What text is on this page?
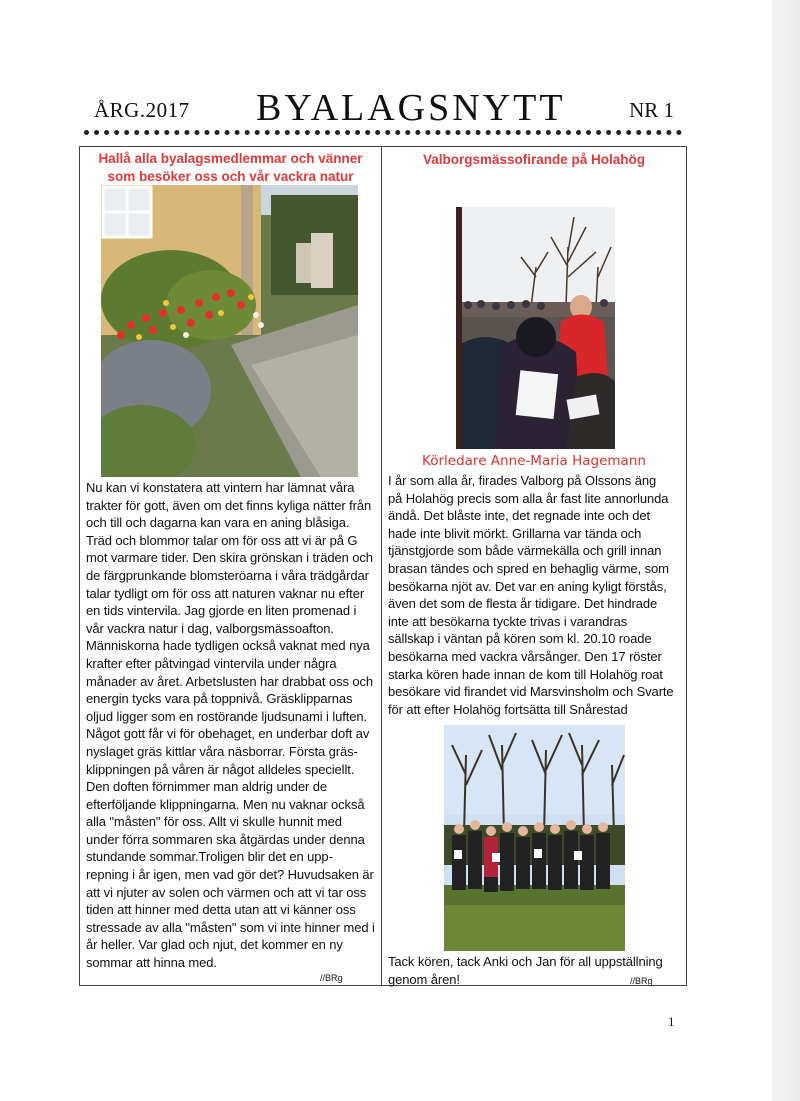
ÅRG.2017 BYALAGSNYTT	NR 1
Hallå alla byalagsmedlemmar och vänner
som besöker oss och vår vackra natur
Nu kan vi konstatera att vintern har lämnat våra
trakter för gott, även om det finns kyliga nätter från
och till och dagarna kan vara en aning blåsiga.
Träd och blommor talar om för oss att vi är på G
mot varmare tider. Den skira grönskan i träden och
de färgprunkande blomsteröarna i våra trädgårdar
talar tydligt om för oss att naturen vaknar nu efter
en tids vintervila. Jag gjorde en liten promenad i
vår vackra natur i dag, valborgsmässoafton.
Människorna hade tydligen också vaknat med nya
krafter efter påtvingad vintervila under några
månader av året. Arbetslusten har drabbat oss och
energin tycks vara på toppnivå. Gräsklipparnas
oljud ligger som en rostörande ljudsunami i luften.
Något gott får vi för obehaget, en underbar doft av
nyslaget gräs kittlar våra näsborrar. Första gräs-
klippningen på våren är något alldeles speciellt.
Den doften förnimmer man aldrig under de
efterföljande klippningarna. Men nu vaknar också
alla "måsten" för oss. Allt vi skulle hunnit med
under förra sommaren ska åtgärdas under denna
stundande sommar.Troligen blir det en upp-
repning i år igen, men vad gör det? Huvudsaken är
att vi njuter av solen och värmen och att vi tar oss
tiden att hinner med detta utan att vi känner oss
stressade av alla "måsten" som vi inte hinner med i
år heller. Var glad och njut, det kommer en ny
sommar att hinna med.
//BRg
Valborgsmässofirande på Holahög
Körledare Anne-Maria Hagemann
I år som alla år, firades Valborg på Olssons äng
på Holahög precis som alla år fast lite annorlunda
ändå. Det blåste inte, det regnade inte och det
hade inte blivit mörkt. Grillarna var tända och
tjänstgjorde som både värmekälla och grill innan
brasan tändes och spred en behaglig värme, som
besökarna njöt av. Det var en aning kyligt förstås,
även det som de flesta år tidigare. Det hindrade
inte att besökarna tyckte trivas i varandras
sällskap i väntan på kören som kl. 20.10 roade
besökarna med vackra vårsånger. Den 17 röster
starka kören hade innan de kom till Holahög roat
besökare vid firandet vid Marsvinsholm och Svarte
för att efter Holahög fortsätta till Snårestad
Tack kören, tack Anki och Jan för all uppställning
genom åren!	//BRg
1
